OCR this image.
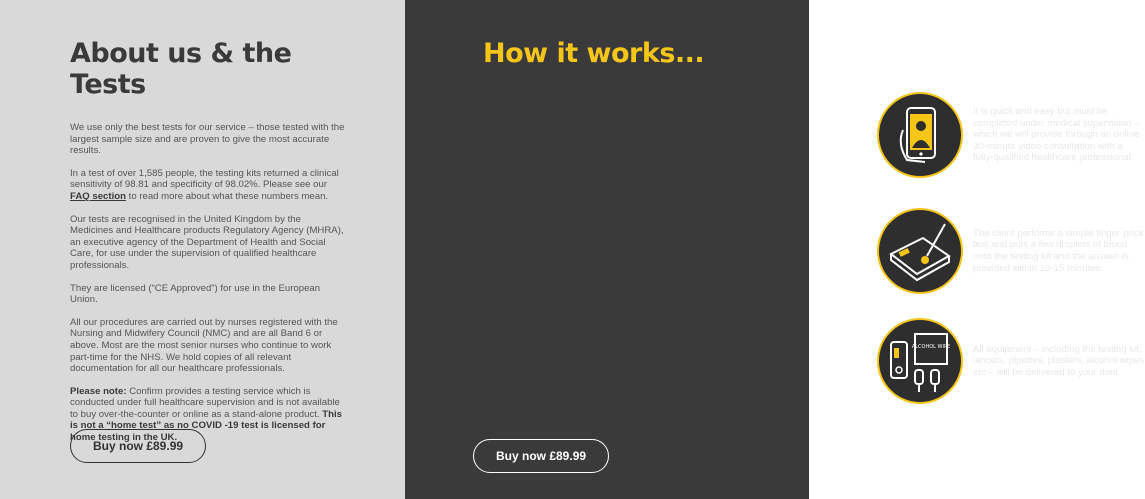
About us & the Tests

We use only the best tests for our service – those tested with the largest sample size and are proven to give the most accurate results.

In a test of over 1,585 people, the testing kits returned a clinical sensitivity of 98.81 and specificity of 98.02%. Please see our FAQ section to read more about what these numbers mean.

Our tests are recognised in the United Kingdom by the Medicines and Healthcare products Regulatory Agency (MHRA), an executive agency of the Department of Health and Social Care, for use under the supervision of qualified healthcare professionals.

They are licensed (“CE Approved”) for use in the European Union.

All our procedures are carried out by nurses registered with the Nursing and Midwifery Council (NMC) and are all Band 6 or above. Most are the most senior nurses who continue to work part-time for the NHS. We hold copies of all relevant documentation for all our healthcare professionals.

Please note: Confirm provides a testing service which is conducted under full healthcare supervision and is not available to buy over-the-counter or online as a stand-alone product. This is not a “home test” as no COVID -19 test is licensed for home testing in the UK.

Buy now £89.99
How it works...
It is quick and easy but must be completed under medical supervision – which we will provide through an online 30-minute video consultation with a fully-qualified healthcare professional.
The client performs a simple finger-prick test and puts a few droplets of blood onto the testing kit and the answer is provided within 10-15 minutes.
ALCOHOL WIPE All equipment – including the testing kit, lancets, pipettes, plasters, alcohol wipes etc – will be delivered to your door.
Buy now £89.99
